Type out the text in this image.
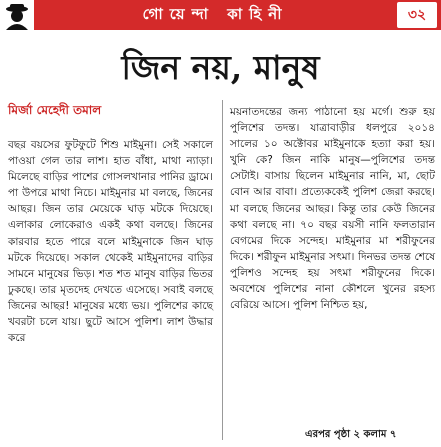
গোয়েন্দা কাহিনী	৩২
জিন নয়, মানুষ
মির্জা মেহেদী তমাল

বছর বয়সের ফুটফুটে শিশু মাইমুনা। সেই সকালে পাওয়া গেল তার লাশ। হাত বাঁধা, মাথা ন্যাড়া। মিলেছে বাড়ির পাশের গোসলখানার পানির ড্রামে। পা উপরে মাথা নিচে। মাইমুনার মা বলছে, জিনের আছর। জিন তার মেয়েকে ঘাড় মটকে দিয়েছে। এলাকার লোকেরাও একই কথা বলছে। জিনের কারবার হতে পারে বলে মাইমুনাকে জিন ঘাড় মটকে দিয়েছে। সকাল থেকেই মাইমুনাদের বাড়ির সামনে মানুষের ভিড়। শত শত মানুষ বাড়ির ভিতর ঢুকছে। তার মৃতদেহ দেখতে এসেছে। সবাই বলছে জিনের আছর! মানুষের মধ্যে ভয়। পুলিশের কাছে খবরটা চলে যায়। ছুটে আসে পুলিশ। লাশ উদ্ধার করে

ময়নাতদন্তের জন্য পাঠানো হয় মর্গে। শুরু হয় পুলিশের তদন্ত। যাত্রাবাড়ীর ধলপুরে ২০১৪ সালের ১০ অক্টোবর মাইমুনাকে হত্যা করা হয়। খুনি কে? জিন নাকি মানুষ—পুলিশের তদন্ত সেটাই। বাসায় ছিলেন মাইমুনার নানি, মা, ছোট বোন আর বাবা। প্রত্যেককেই পুলিশ জেরা করছে। মা বলছে জিনের আছর। কিন্তু তার কেউ জিনের কথা বলছে না। ৭০ বছর বয়সী নানি ফলতারান বেগমের দিকে সন্দেহ। মাইমুনার মা শরীফুনের দিকে। শরীফুন মাইমুনার সৎমা। দিনভর তদন্ত শেষে পুলিশও সন্দেহ হয় সৎমা শরীফুনের দিকে। অবশেষে পুলিশের নানা কৌশলে খুনের রহস্য বেরিয়ে আসে। পুলিশ নিশ্চিত হয়,

এরপর পৃষ্ঠা ২ কলাম ৭
